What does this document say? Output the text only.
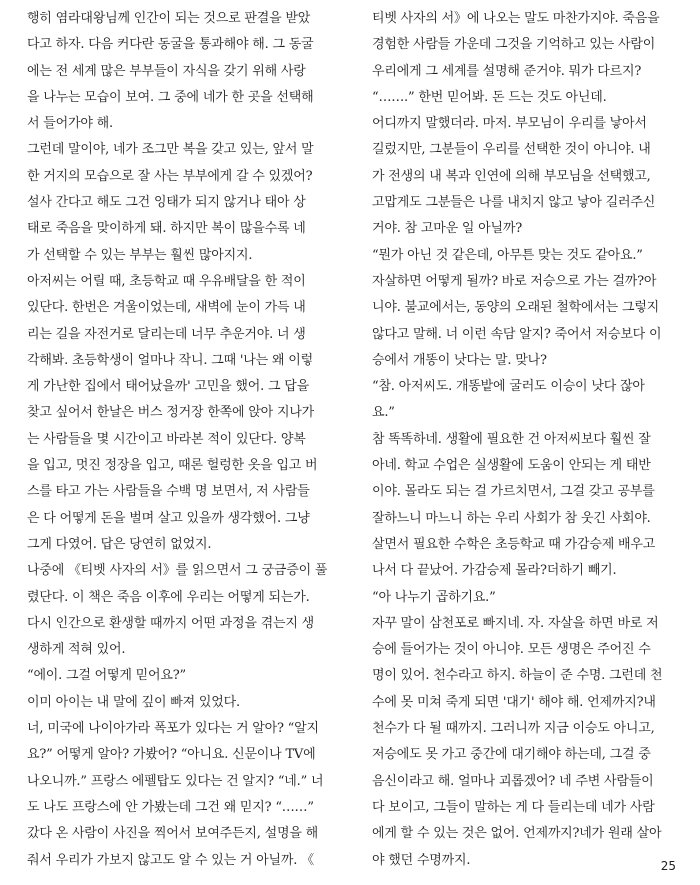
행히 염라대왕님께 인간이 되는 것으로 판결을 받았
다고 하자. 다음 커다란 동굴을 통과해야 해. 그 동굴
에는 전 세계 많은 부부들이 자식을 갖기 위해 사랑
을 나누는 모습이 보여. 그 중에 네가 한 곳을 선택해
서 들어가야 해.
그런데 말이야, 네가 조그만 복을 갖고 있는, 앞서 말
한 거지의 모습으로 잘 사는 부부에게 갈 수 있겠어?
설사 간다고 해도 그건 잉태가 되지 않거나 태아 상
태로 죽음을 맞이하게 돼. 하지만 복이 많을수록 네
가 선택할 수 있는 부부는 훨씬 많아지지.
아저씨는 어릴 때, 초등학교 때 우유배달을 한 적이
있단다. 한번은 겨울이었는데, 새벽에 눈이 가득 내
리는 길을 자전거로 달리는데 너무 추운거야. 너 생
각해봐. 초등학생이 얼마나 작니. 그때 '나는 왜 이렇
게 가난한 집에서 태어났을까' 고민을 했어. 그 답을
찾고 싶어서 한날은 버스 정거장 한쪽에 앉아 지나가
는 사람들을 몇 시간이고 바라본 적이 있단다. 양복
을 입고, 멋진 정장을 입고, 때론 헐렁한 옷을 입고 버
스를 타고 가는 사람들을 수백 명 보면서, 저 사람들
은 다 어떻게 돈을 벌며 살고 있을까 생각했어. 그냥
그게 다였어. 답은 당연히 없었지.
나중에 《티벳 사자의 서》를 읽으면서 그 궁금증이 풀
렸단다. 이 책은 죽음 이후에 우리는 어떻게 되는가.
다시 인간으로 환생할 때까지 어떤 과정을 겪는지 생
생하게 적혀 있어.
“에이. 그걸 어떻게 믿어요?”
이미 아이는 내 말에 깊이 빠져 있었다.
너, 미국에 나이아가라 폭포가 있다는 거 알아? “알지
요?” 어떻게 알아? 가봤어? “아니요. 신문이나 TV에
나오니까.” 프랑스 에펠탑도 있다는 건 알지? “네.” 너
도 나도 프랑스에 안 가봤는데 그건 왜 믿지? “……”
갔다 온 사람이 사진을 찍어서 보여주든지, 설명을 해
줘서 우리가 가보지 않고도 알 수 있는 거 아닐까. 《
티벳 사자의 서》에 나오는 말도 마찬가지야. 죽음을
경험한 사람들 가운데 그것을 기억하고 있는 사람이
우리에게 그 세계를 설명해 준거야. 뭐가 다르지?
“…….” 한번 믿어봐. 돈 드는 것도 아닌데.
어디까지 말했더라. 마저. 부모님이 우리를 낳아서
길렀지만, 그분들이 우리를 선택한 것이 아니야. 내
가 전생의 내 복과 인연에 의해 부모님을 선택했고,
고맙게도 그분들은 나를 내치지 않고 낳아 길러주신
거야. 참 고마운 일 아닐까?
“뭔가 아닌 것 같은데, 아무튼 맞는 것도 같아요.”
자살하면 어떻게 될까? 바로 저승으로 가는 걸까?아
니야. 불교에서는, 동양의 오래된 철학에서는 그렇지
않다고 말해. 너 이런 속담 알지? 죽어서 저승보다 이
승에서 개똥이 낫다는 말. 맞나?
“참. 아저씨도. 개똥밭에 굴러도 이승이 낫다 잖아
요.”
참 똑똑하네. 생활에 필요한 건 아저씨보다 훨씬 잘
아네. 학교 수업은 실생활에 도움이 안되는 게 태반
이야. 몰라도 되는 걸 가르치면서, 그걸 갖고 공부를
잘하느니 마느니 하는 우리 사회가 참 웃긴 사회야.
살면서 필요한 수학은 초등학교 때 가감승제 배우고
나서 다 끝났어. 가감승제 몰라?더하기 빼기.
“아 나누기 곱하기요.”
자꾸 말이 삼천포로 빠지네. 자. 자살을 하면 바로 저
승에 들어가는 것이 아니야. 모든 생명은 주어진 수
명이 있어. 천수라고 하지. 하늘이 준 수명. 그런데 천
수에 못 미쳐 죽게 되면 '대기' 해야 해. 언제까지?내
천수가 다 될 때까지. 그러니까 지금 이승도 아니고,
저승에도 못 가고 중간에 대기해야 하는데, 그걸 중
음신이라고 해. 얼마나 괴롭겠어? 네 주변 사람들이
다 보이고, 그들이 말하는 게 다 들리는데 네가 사람
에게 할 수 있는 것은 없어. 언제까지?네가 원래 살아
야 했던 수명까지.	25
